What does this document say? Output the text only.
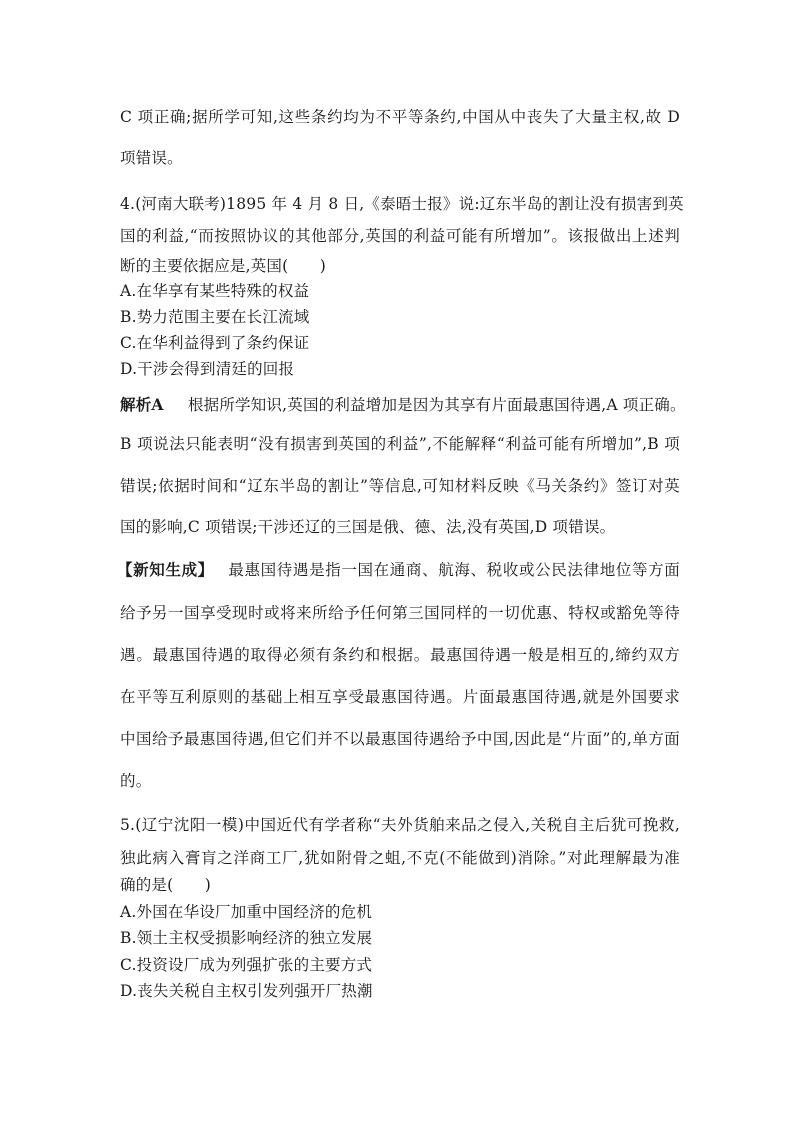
C 项正确;据所学可知,这些条约均为不平等条约,中国从中丧失了大量主权,故 D
项错误。
4.(河南大联考)1895 年 4 月 8 日,《泰晤士报》说:辽东半岛的割让没有损害到英
国的利益,“而按照协议的其他部分,英国的利益可能有所增加”。该报做出上述判
断的主要依据应是,英国(　　)
A.在华享有某些特殊的权益
B.势力范围主要在长江流域
C.在华利益得到了条约保证
D.干涉会得到清廷的回报
解析A 根据所学知识,英国的利益增加是因为其享有片面最惠国待遇,A 项正确。
B 项说法只能表明“没有损害到英国的利益”,不能解释“利益可能有所增加”,B 项
错误;依据时间和“辽东半岛的割让”等信息,可知材料反映《马关条约》签订对英
国的影响,C 项错误;干涉还辽的三国是俄、德、法,没有英国,D 项错误。
【新知生成】 最惠国待遇是指一国在通商、航海、税收或公民法律地位等方面
给予另一国享受现时或将来所给予任何第三国同样的一切优惠、特权或豁免等待
遇。最惠国待遇的取得必须有条约和根据。最惠国待遇一般是相互的,缔约双方
在平等互利原则的基础上相互享受最惠国待遇。片面最惠国待遇,就是外国要求
中国给予最惠国待遇,但它们并不以最惠国待遇给予中国,因此是“片面”的,单方面
的。
5.(辽宁沈阳一模)中国近代有学者称“夫外货舶来品之侵入,关税自主后犹可挽救,
独此病入膏肓之洋商工厂,犹如附骨之蛆,不克(不能做到)消除。”对此理解最为准
确的是(　　)
A.外国在华设厂加重中国经济的危机
B.领土主权受损影响经济的独立发展
C.投资设厂成为列强扩张的主要方式
D.丧失关税自主权引发列强开厂热潮
